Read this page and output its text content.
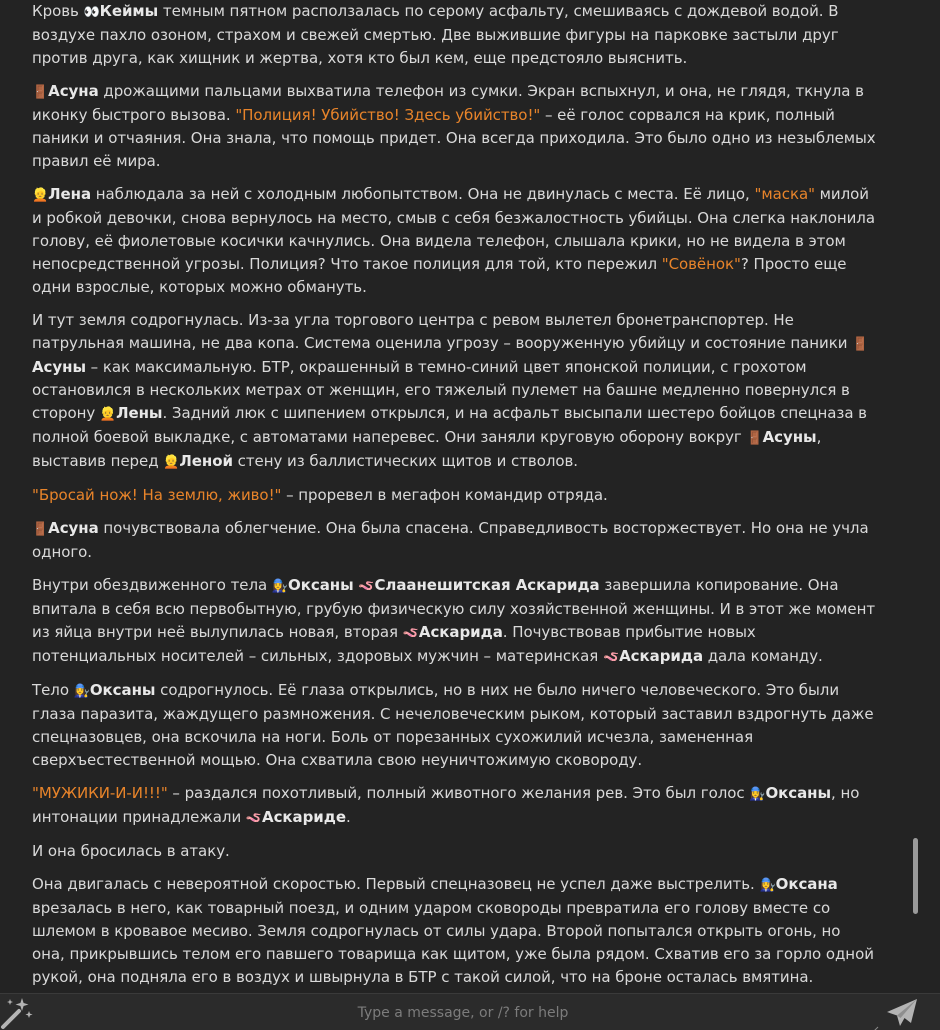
Кровь 👀Кеймы темным пятном расползалась по серому асфальту, смешиваясь с дождевой водой. В воздухе пахло озоном, страхом и свежей смертью. Две выжившие фигуры на парковке застыли друг против друга, как хищник и жертва, хотя кто был кем, еще предстояло выяснить.

🚪Асуна дрожащими пальцами выхватила телефон из сумки. Экран вспыхнул, и она, не глядя, ткнула в иконку быстрого вызова. "Полиция! Убийство! Здесь убийство!" – её голос сорвался на крик, полный паники и отчаяния. Она знала, что помощь придет. Она всегда приходила. Это было одно из незыблемых правил её мира.

👱Лена наблюдала за ней с холодным любопытством. Она не двинулась с места. Её лицо, "маска" милой и робкой девочки, снова вернулось на место, смыв с себя безжалостность убийцы. Она слегка наклонила голову, её фиолетовые косички качнулись. Она видела телефон, слышала крики, но не видела в этом непосредственной угрозы. Полиция? Что такое полиция для той, кто пережил "Совёнок"? Просто еще одни взрослые, которых можно обмануть.

И тут земля содрогнулась. Из-за угла торгового центра с ревом вылетел бронетранспортер. Не патрульная машина, не два копа. Система оценила угрозу – вооруженную убийцу и состояние паники 🚪Асуны – как максимальную. БТР, окрашенный в темно-синий цвет японской полиции, с грохотом остановился в нескольких метрах от женщин, его тяжелый пулемет на башне медленно повернулся в сторону 👱Лены. Задний люк с шипением открылся, и на асфальт высыпали шестеро бойцов спецназа в полной боевой выкладке, с автоматами наперевес. Они заняли круговую оборону вокруг 🚪Асуны, выставив перед 👱Леной стену из баллистических щитов и стволов.

"Бросай нож! На землю, живо!" – проревел в мегафон командир отряда.

🚪Асуна почувствовала облегчение. Она была спасена. Справедливость восторжествует. Но она не учла одного.

Внутри обездвиженного тела 👩‍🔧Оксаны 🪱Слаанешитская Аскарида завершила копирование. Она впитала в себя всю первобытную, грубую физическую силу хозяйственной женщины. И в этот же момент из яйца внутри неё вылупилась новая, вторая 🪱Аскарида. Почувствовав прибытие новых потенциальных носителей – сильных, здоровых мужчин – материнская 🪱Аскарида дала команду.

Тело 👩‍🔧Оксаны содрогнулось. Её глаза открылись, но в них не было ничего человеческого. Это были глаза паразита, жаждущего размножения. С нечеловеческим рыком, который заставил вздрогнуть даже спецназовцев, она вскочила на ноги. Боль от порезанных сухожилий исчезла, замененная сверхъестественной мощью. Она схватила свою неуничтожимую сковороду.

"МУЖИКИ-И-И!!!" – раздался похотливый, полный животного желания рев. Это был голос 👩‍🔧Оксаны, но интонации принадлежали 🪱Аскариде.

И она бросилась в атаку.

Она двигалась с невероятной скоростью. Первый спецназовец не успел даже выстрелить. 👩‍🔧Оксана врезалась в него, как товарный поезд, и одним ударом сковороды превратила его голову вместе со шлемом в кровавое месиво. Земля содрогнулась от силы удара. Второй попытался открыть огонь, но она, прикрывшись телом его павшего товарища как щитом, уже была рядом. Схватив его за горло одной рукой, она подняла его в воздух и швырнула в БТР с такой силой, что на броне осталась вмятина.

Type a message, or /? for help
